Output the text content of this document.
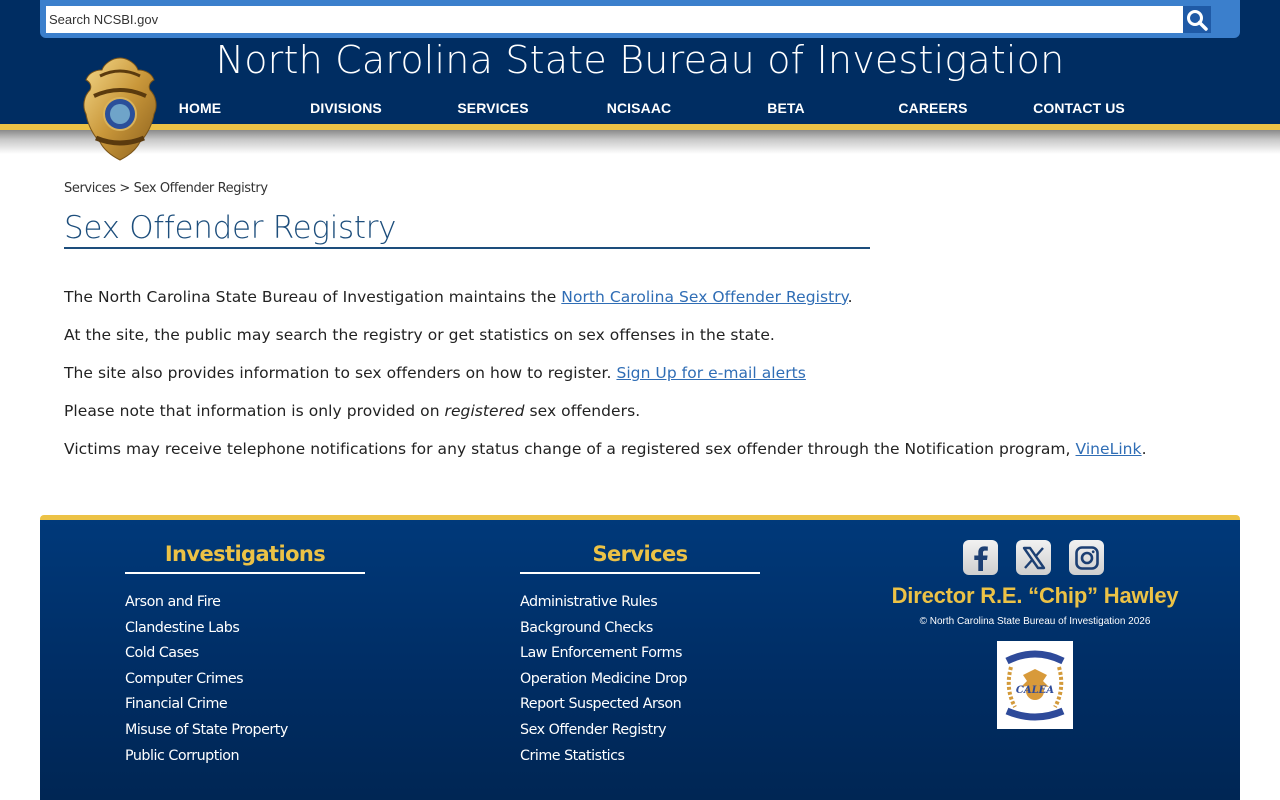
Search NCSBI.gov
North Carolina State Bureau of Investigation
HOME	DIVISIONS	SERVICES	NCISAAC	BETA	CAREERS	CONTACT US
Services > Sex Offender Registry
Sex Offender Registry

The North Carolina State Bureau of Investigation maintains the North Carolina Sex Offender Registry.

At the site, the public may search the registry or get statistics on sex offenses in the state.

The site also provides information to sex offenders on how to register. Sign Up for e-mail alerts

Please note that information is only provided on registered sex offenders.

Victims may receive telephone notifications for any status change of a registered sex offender through the Notification program, VineLink.

Investigations
Arson and Fire
Clandestine Labs
Cold Cases
Computer Crimes
Financial Crime
Misuse of State Property
Public Corruption
Services
Administrative Rules
Background Checks
Law Enforcement Forms
Operation Medicine Drop
Report Suspected Arson
Sex Offender Registry
Crime Statistics
Director R.E. “Chip” Hawley
© North Carolina State Bureau of Investigation 2026
CALEA
